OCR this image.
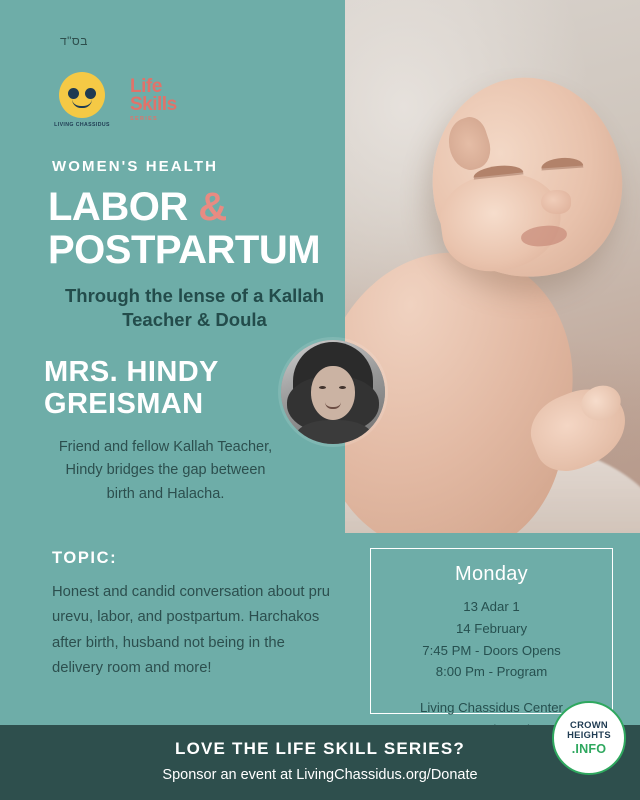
בס"ד
LIVING CHASSIDUS
Life
Skills
SERIES
WOMEN'S HEALTH
LABOR &
POSTPARTUM
Through the lense of a Kallah Teacher & Doula
MRS. HINDY GREISMAN
Friend and fellow Kallah Teacher, Hindy bridges the gap between birth and Halacha.
TOPIC:
Honest and candid conversation about pru urevu, labor, and postpartum. Harchakos after birth, husband not being in the delivery room and more!
Monday
13 Adar 1
14 February
7:45 PM - Doors Opens
8:00 Pm - Program
Living Chassidus Center
LOVE THE LIFE SKILL SERIES?
Sponsor an event at LivingChassidus.org/Donate
CROWN HEIGHTS
.INFO
